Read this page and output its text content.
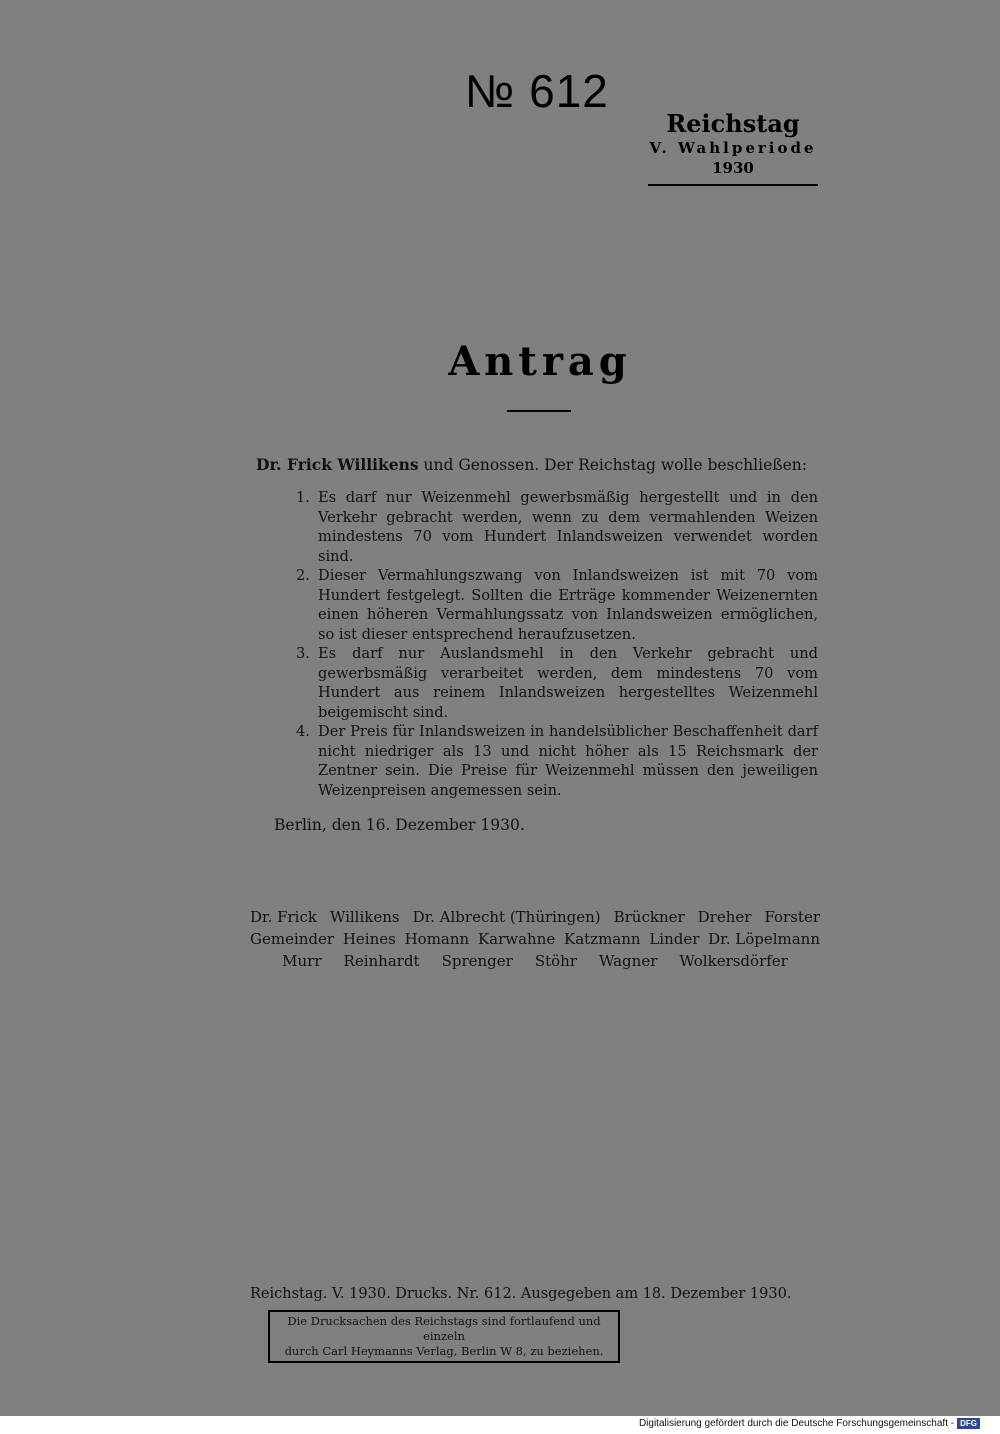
№ 612
Reichstag
V. Wahlperiode
1930
Antrag
Dr. Frick Willikens und Genossen. Der Reichstag wolle beschließen:
1. Es darf nur Weizenmehl gewerbsmäßig hergestellt und in den Verkehr gebracht werden, wenn zu dem vermahlenden Weizen mindestens 70 vom Hundert Inlandsweizen verwendet worden sind.
2. Dieser Vermahlungszwang von Inlandsweizen ist mit 70 vom Hundert festgelegt. Sollten die Erträge kommender Weizenernten einen höheren Vermahlungssatz von Inlandsweizen ermöglichen, so ist dieser entsprechend heraufzusetzen.
3. Es darf nur Auslandsmehl in den Verkehr gebracht und gewerbsmäßig verarbeitet werden, dem mindestens 70 vom Hundert aus reinem Inlandsweizen hergestelltes Weizenmehl beigemischt sind.
4. Der Preis für Inlandsweizen in handelsüblicher Beschaffenheit darf nicht niedriger als 13 und nicht höher als 15 Reichsmark der Zentner sein. Die Preise für Weizenmehl müssen den jeweiligen Weizenpreisen angemessen sein.
Berlin, den 16. Dezember 1930.
Dr. Frick Willikens Dr. Albrecht (Thüringen) Brückner Dreher Forster
Gemeinder Heines Homann Karwahne Katzmann Linder Dr. Löpelmann
Murr Reinhardt Sprenger Stöhr Wagner Wolkersdörfer
Reichstag. V. 1930. Drucks. Nr. 612. Ausgegeben am 18. Dezember 1930.
Die Drucksachen des Reichstags sind fortlaufend und einzeln
durch Carl Heymanns Verlag, Berlin W 8, zu beziehen.
Digitalisierung gefördert durch die Deutsche Forschungsgemeinschaft - DFG
